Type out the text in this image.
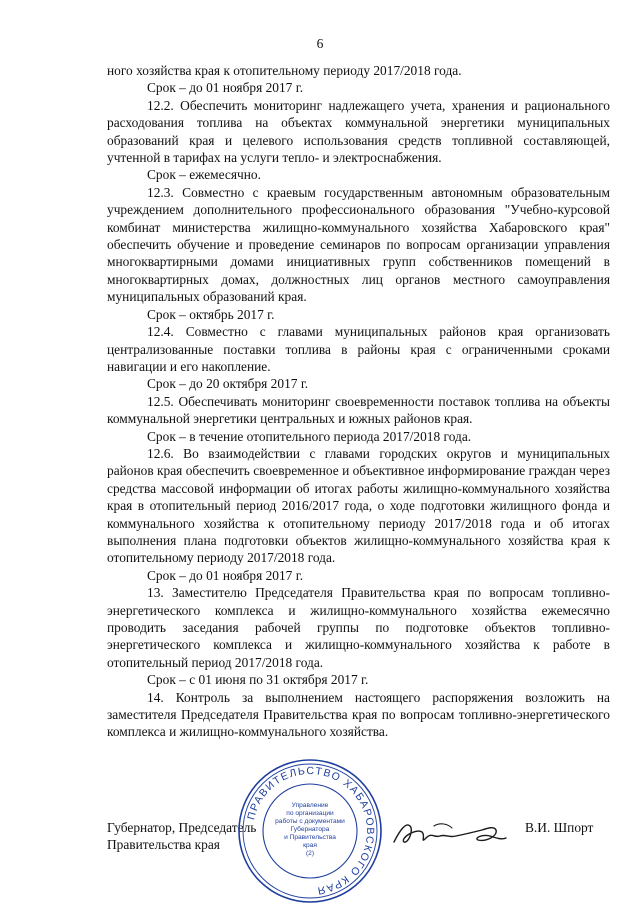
6

ного хозяйства края к отопительному периоду 2017/2018 года.

Срок – до 01 ноября 2017 г.

12.2. Обеспечить мониторинг надлежащего учета, хранения и рационального расходования топлива на объектах коммунальной энергетики муниципальных образований края и целевого использования средств топливной составляющей, учтенной в тарифах на услуги тепло- и электроснабжения.

Срок – ежемесячно.

12.3. Совместно с краевым государственным автономным образовательным учреждением дополнительного профессионального образования "Учебно-курсовой комбинат министерства жилищно-коммунального хозяйства Хабаровского края" обеспечить обучение и проведение семинаров по вопросам организации управления многоквартирными домами инициативных групп собственников помещений в многоквартирных домах, должностных лиц органов местного самоуправления муниципальных образований края.

Срок – октябрь 2017 г.

12.4. Совместно с главами муниципальных районов края организовать централизованные поставки топлива в районы края с ограниченными сроками навигации и его накопление.

Срок – до 20 октября 2017 г.

12.5. Обеспечивать мониторинг своевременности поставок топлива на объекты коммунальной энергетики центральных и южных районов края.

Срок – в течение отопительного периода 2017/2018 года.

12.6. Во взаимодействии с главами городских округов и муниципальных районов края обеспечить своевременное и объективное информирование граждан через средства массовой информации об итогах работы жилищно-коммунального хозяйства края в отопительный период 2016/2017 года, о ходе подготовки жилищного фонда и коммунального хозяйства к отопительному периоду 2017/2018 года и об итогах выполнения плана подготовки объектов жилищно-коммунального хозяйства края к отопительному периоду 2017/2018 года.

Срок – до 01 ноября 2017 г.

13. Заместителю Председателя Правительства края по вопросам топливно-энергетического комплекса и жилищно-коммунального хозяйства ежемесячно проводить заседания рабочей группы по подготовке объектов топливно-энергетического комплекса и жилищно-коммунального хозяйства к работе в отопительный период 2017/2018 года.

Срок – с 01 июня по 31 октября 2017 г.

14. Контроль за выполнением настоящего распоряжения возложить на заместителя Председателя Правительства края по вопросам топливно-энергетического комплекса и жилищно-коммунального хозяйства.

Губернатор, Председатель
Правительства края
ПРАВИТЕЛЬСТВО ХАБАРОВСКОГО КРАЯ
Управление
по организации
работы с документами
Губернатора
и Правительства
края
(2)
В.И. Шпорт
